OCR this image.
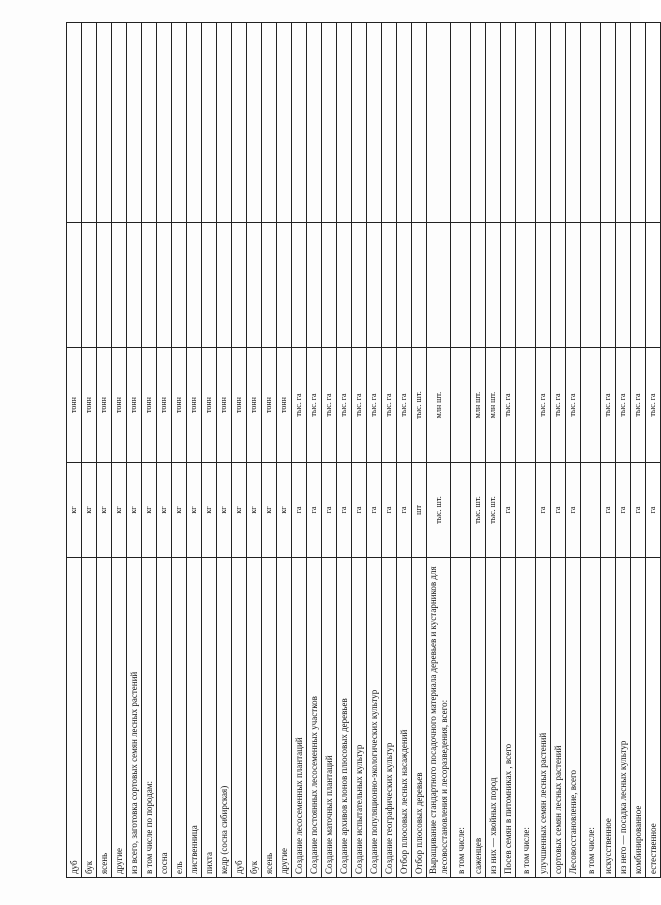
дуб	кг	тонн		
бук	кг	тонн		
ясень	кг	тонн		
другие	кг	тонн		
из всего, заготовка сортовых семян лесных растений	кг	тонн		
в том числе по породам:	кг	тонн		
сосна	кг	тонн		
ель	кг	тонн		
лиственница	кг	тонн		
пихта	кг	тонн		
кедр (сосна сибирская)	кг	тонн		
дуб	кг	тонн		
бук	кг	тонн		
ясень	кг	тонн		
другие	кг	тонн		
Создание лесосеменных плантаций	га	тыс. га		
Создание постоянных лесосеменных участков	га	тыс. га		
Создание маточных плантаций	га	тыс. га		
Создание архивов клонов плюсовых деревьев	га	тыс. га		
Создание испытательных культур	га	тыс. га		
Создание популяционно-экологических культур	га	тыс. га		
Создание географических культур	га	тыс. га		
Отбор плюсовых лесных насаждений	га	тыс. га		
Отбор плюсовых деревьев	шт	тыс. шт.		
Выращивание стандартного посадочного материала деревьев и кустарников для лесовосстановления и лесоразведения, всего:	тыс. шт.	млн шт.		
в том числе:				
саженцев	тыс. шт.	млн шт.		
из них — хвойных пород	тыс. шт.	млн шт.		
Посев семян в питомниках , всего	га	тыс. га		
в том числе:				
улучшенных семян лесных растений	га	тыс. га		
сортовых семян лесных растений	га	тыс. га		
Лесовосстановление, всего	га	тыс. га		
в том числе:				
искусственное	га	тыс. га		
из него — посадка лесных культур	га	тыс. га		
комбинированное	га	тыс. га		
естественное	га	тыс. га		
